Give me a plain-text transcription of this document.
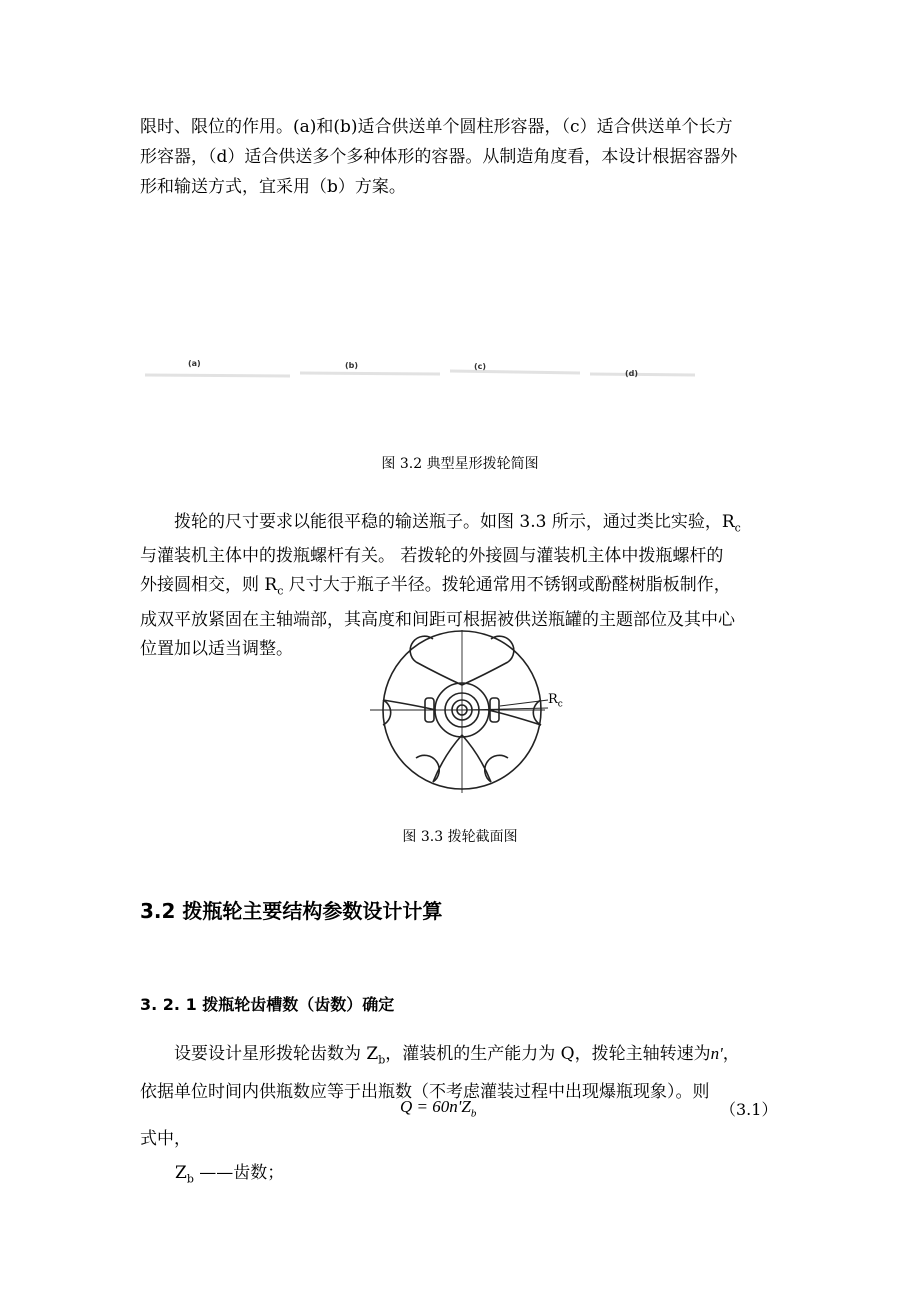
限时、限位的作用。(a)和(b)适合供送单个圆柱形容器，（c）适合供送单个长方
形容器，（d）适合供送多个多种体形的容器。从制造角度看，本设计根据容器外
形和输送方式，宜采用（b）方案。
(a)	(b)	(c)
(d)
图 3.2 典型星形拨轮简图
拨轮的尺寸要求以能很平稳的输送瓶子。如图 3.3 所示，通过类比实验，$R_c$
与灌装机主体中的拨瓶螺杆有关。 若拨轮的外接圆与灌装机主体中拨瓶螺杆的
外接圆相交，则 $R_c$ 尺寸大于瓶子半径。拨轮通常用不锈钢或酚醛树脂板制作，
成双平放紧固在主轴端部，其高度和间距可根据被供送瓶罐的主题部位及其中心
位置加以适当调整。
$R_c$
图 3.3 拨轮截面图
3.2 拨瓶轮主要结构参数设计计算
3. 2. 1 拨瓶轮齿槽数（齿数）确定
设要设计星形拨轮齿数为 $Z_b$，灌装机的生产能力为 Q，拨轮主轴转速为n'，
依据单位时间内供瓶数应等于出瓶数（不考虑灌装过程中出现爆瓶现象）。则
$Q = 60n'Z_b$	（3.1）
式中，
$Z_b$ ——齿数；
